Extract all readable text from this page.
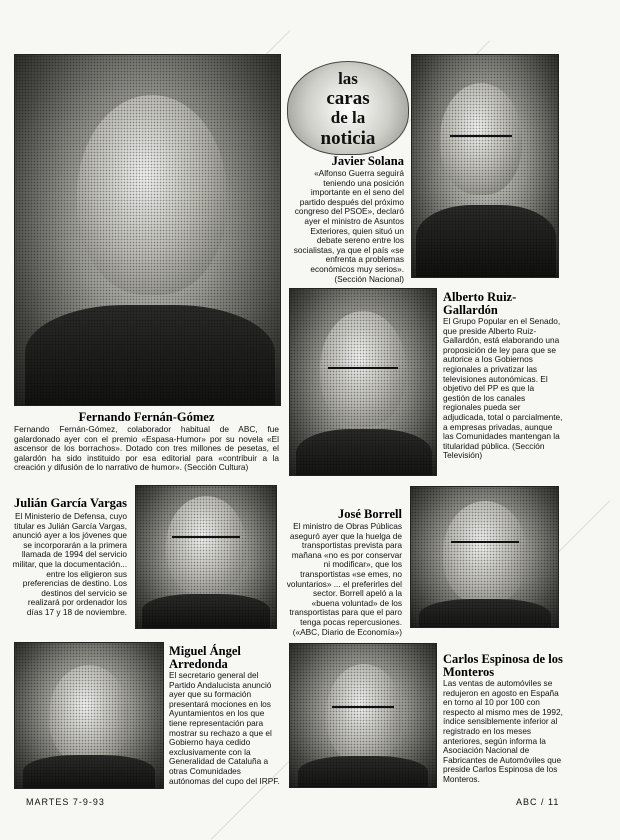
las
caras
de la
noticia
Javier Solana
«Alfonso Guerra seguirá teniendo una posición importante en el seno del partido después del próximo congreso del PSOE», declaró ayer el ministro de Asuntos Exteriores, quien situó un debate sereno entre los socialistas, ya que el país «se enfrenta a problemas económicos muy serios». (Sección Nacional)
Alberto Ruiz-Gallardón
El Grupo Popular en el Senado, que preside Alberto Ruiz-Gallardón, está elaborando una proposición de ley para que se autorice a los Gobiernos regionales a privatizar las televisiones autonómicas. El objetivo del PP es que la gestión de los canales regionales pueda ser adjudicada, total o parcialmente, a empresas privadas, aunque las Comunidades mantengan la titularidad pública. (Sección Televisión)
Fernando Fernán-Gómez
Fernando Fernán-Gómez, colaborador habitual de ABC, fue galardonado ayer con el premio «Espasa-Humor» por su novela «El ascensor de los borrachos». Dotado con tres millones de pesetas, el galardón ha sido instituido por esa editorial para «contribuir a la creación y difusión de lo narrativo de humor». (Sección Cultura)
Julián García Vargas
El Ministerio de Defensa, cuyo titular es Julián García Vargas, anunció ayer a los jóvenes que se incorporarán a la primera llamada de 1994 del servicio militar, que la documentación... entre los eligieron sus preferencias de destino. Los destinos del servicio se realizará por ordenador los días 17 y 18 de noviembre.
José Borrell
El ministro de Obras Públicas aseguró ayer que la huelga de transportistas prevista para mañana «no es por conservar ni modificar», que los transportistas «se emes, no voluntarios» ... el preferirles del sector. Borrell apeló a la «buena voluntad» de los transportistas para que el paro tenga pocas repercusiones. («ABC, Diario de Economía»)
Miguel Ángel Arredonda
El secretario general del Partido Andalucista anunció ayer que su formación presentará mociones en los Ayuntamientos en los que tiene representación para mostrar su rechazo a que el Gobierno haya cedido exclusivamente con la Generalidad de Cataluña a otras Comunidades autónomas del cupo del IRPF.
Carlos Espinosa de los Monteros
Las ventas de automóviles se redujeron en agosto en España en torno al 10 por 100 con respecto al mismo mes de 1992, índice sensiblemente inferior al registrado en los meses anteriores, según informa la Asociación Nacional de Fabricantes de Automóviles que preside Carlos Espinosa de los Monteros.
MARTES 7-9-93	ABC / 11
